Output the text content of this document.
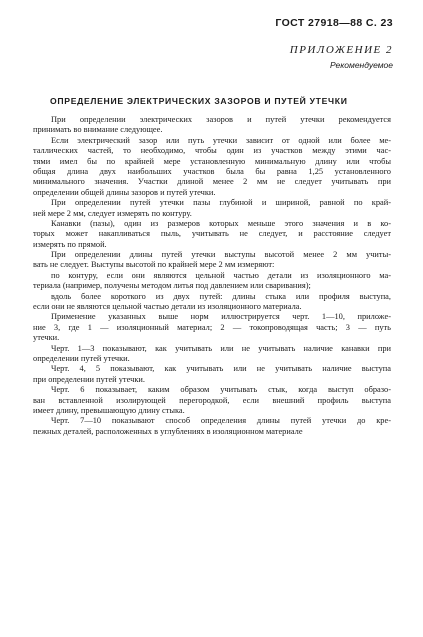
ГОСТ 27918—88 С. 23
ПРИЛОЖЕНИЕ 2
Рекомендуемое
ОПРЕДЕЛЕНИЕ ЭЛЕКТРИЧЕСКИХ ЗАЗОРОВ И ПУТЕЙ УТЕЧКИ
При определении электрических зазоров и путей утечки рекомендуется
принимать во внимание следующее.
Если электрический зазор или путь утечки зависит от одной или более ме-
таллических частей, то необходимо, чтобы один из участков между этими час-
тями имел бы по крайней мере установленную минимальную длину или чтобы
общая длина двух наибольших участков была бы равна 1,25 установленного
минимального значения. Участки длиной менее 2 мм не следует учитывать при
определении общей длины зазоров и путей утечки.
При определении путей утечки пазы глубиной и шириной, равной по край-
ней мере 2 мм, следует измерять по контуру.
Канавки (пазы), один из размеров которых меньше этого значения и в ко-
торых может накапливаться пыль, учитывать не следует, и расстояние следует
измерять по прямой.
При определении длины путей утечки выступы высотой менее 2 мм учиты-
вать не следует. Выступы высотой по крайней мере 2 мм измеряют:
по контуру, если они являются цельной частью детали из изоляционного ма-
териала (например, получены методом литья под давлением или сваривания);
вдоль более короткого из двух путей: длины стыка или профиля выступа,
если они не являются цельной частью детали из изоляционного материала.
Применение указанных выше норм иллюстрируется черт. 1—10, приложе-
ние 3, где 1 — изоляционный материал; 2 — токопроводящая часть; 3 — путь
утечки.
Черт. 1—3 показывают, как учитывать или не учитывать наличие канавки при
определении путей утечки.
Черт. 4, 5 показывают, как учитывать или не учитывать наличие выступа
при определении путей утечки.
Черт. 6 показывает, каким образом учитывать стык, когда выступ образо-
ван вставленной изолирующей перегородкой, если внешний профиль выступа
имеет длину, превышающую длину стыка.
Черт. 7—10 показывают способ определения длины путей утечки до кре-
пежных деталей, расположенных в углублениях в изоляционном материале
